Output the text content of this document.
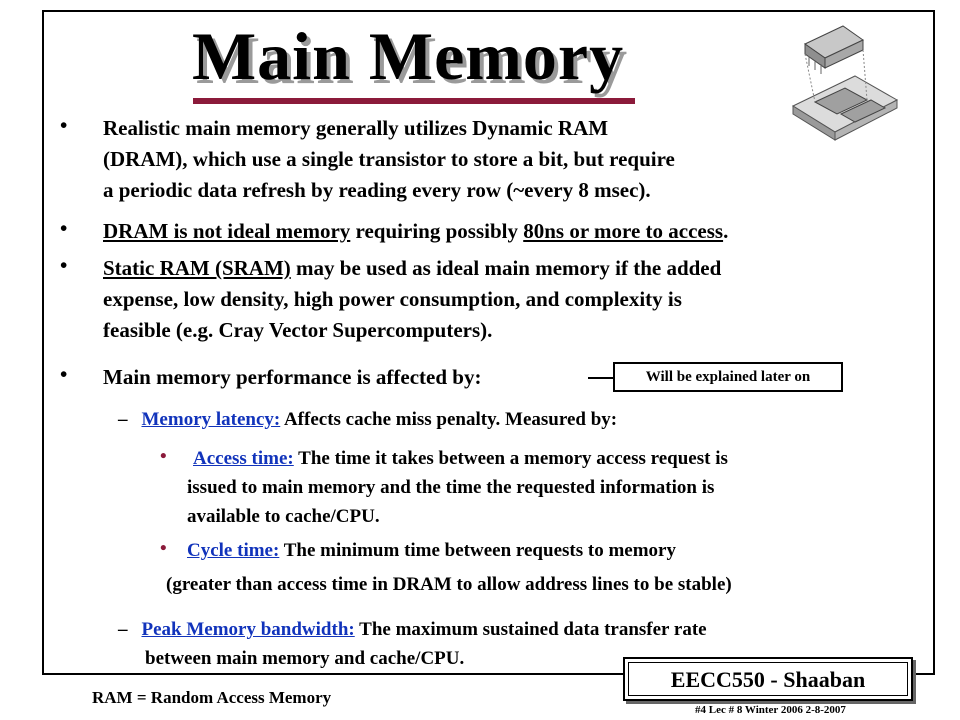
Main Memory
• Realistic main memory generally utilizes Dynamic RAM
(DRAM), which use a single transistor to store a bit, but require
a periodic data refresh by reading every row (~every 8 msec).
• DRAM is not ideal memory requiring possibly 80ns or more to access.
• Static RAM (SRAM) may be used as ideal main memory if the added
expense, low density, high power consumption, and complexity is
feasible (e.g. Cray Vector Supercomputers).
• Main memory performance is affected by:	Will be explained later on
– Memory latency: Affects cache miss penalty. Measured by:
•	Access time: The time it takes between a memory access request is
issued to main memory and the time the requested information is
available to cache/CPU.
• Cycle time: The minimum time between requests to memory
(greater than access time in DRAM to allow address lines to be stable)
– Peak Memory bandwidth: The maximum sustained data transfer rate
between main memory and cache/CPU.
EECC550 - Shaaban
RAM = Random Access Memory
#4 Lec # 8 Winter 2006 2-8-2007
